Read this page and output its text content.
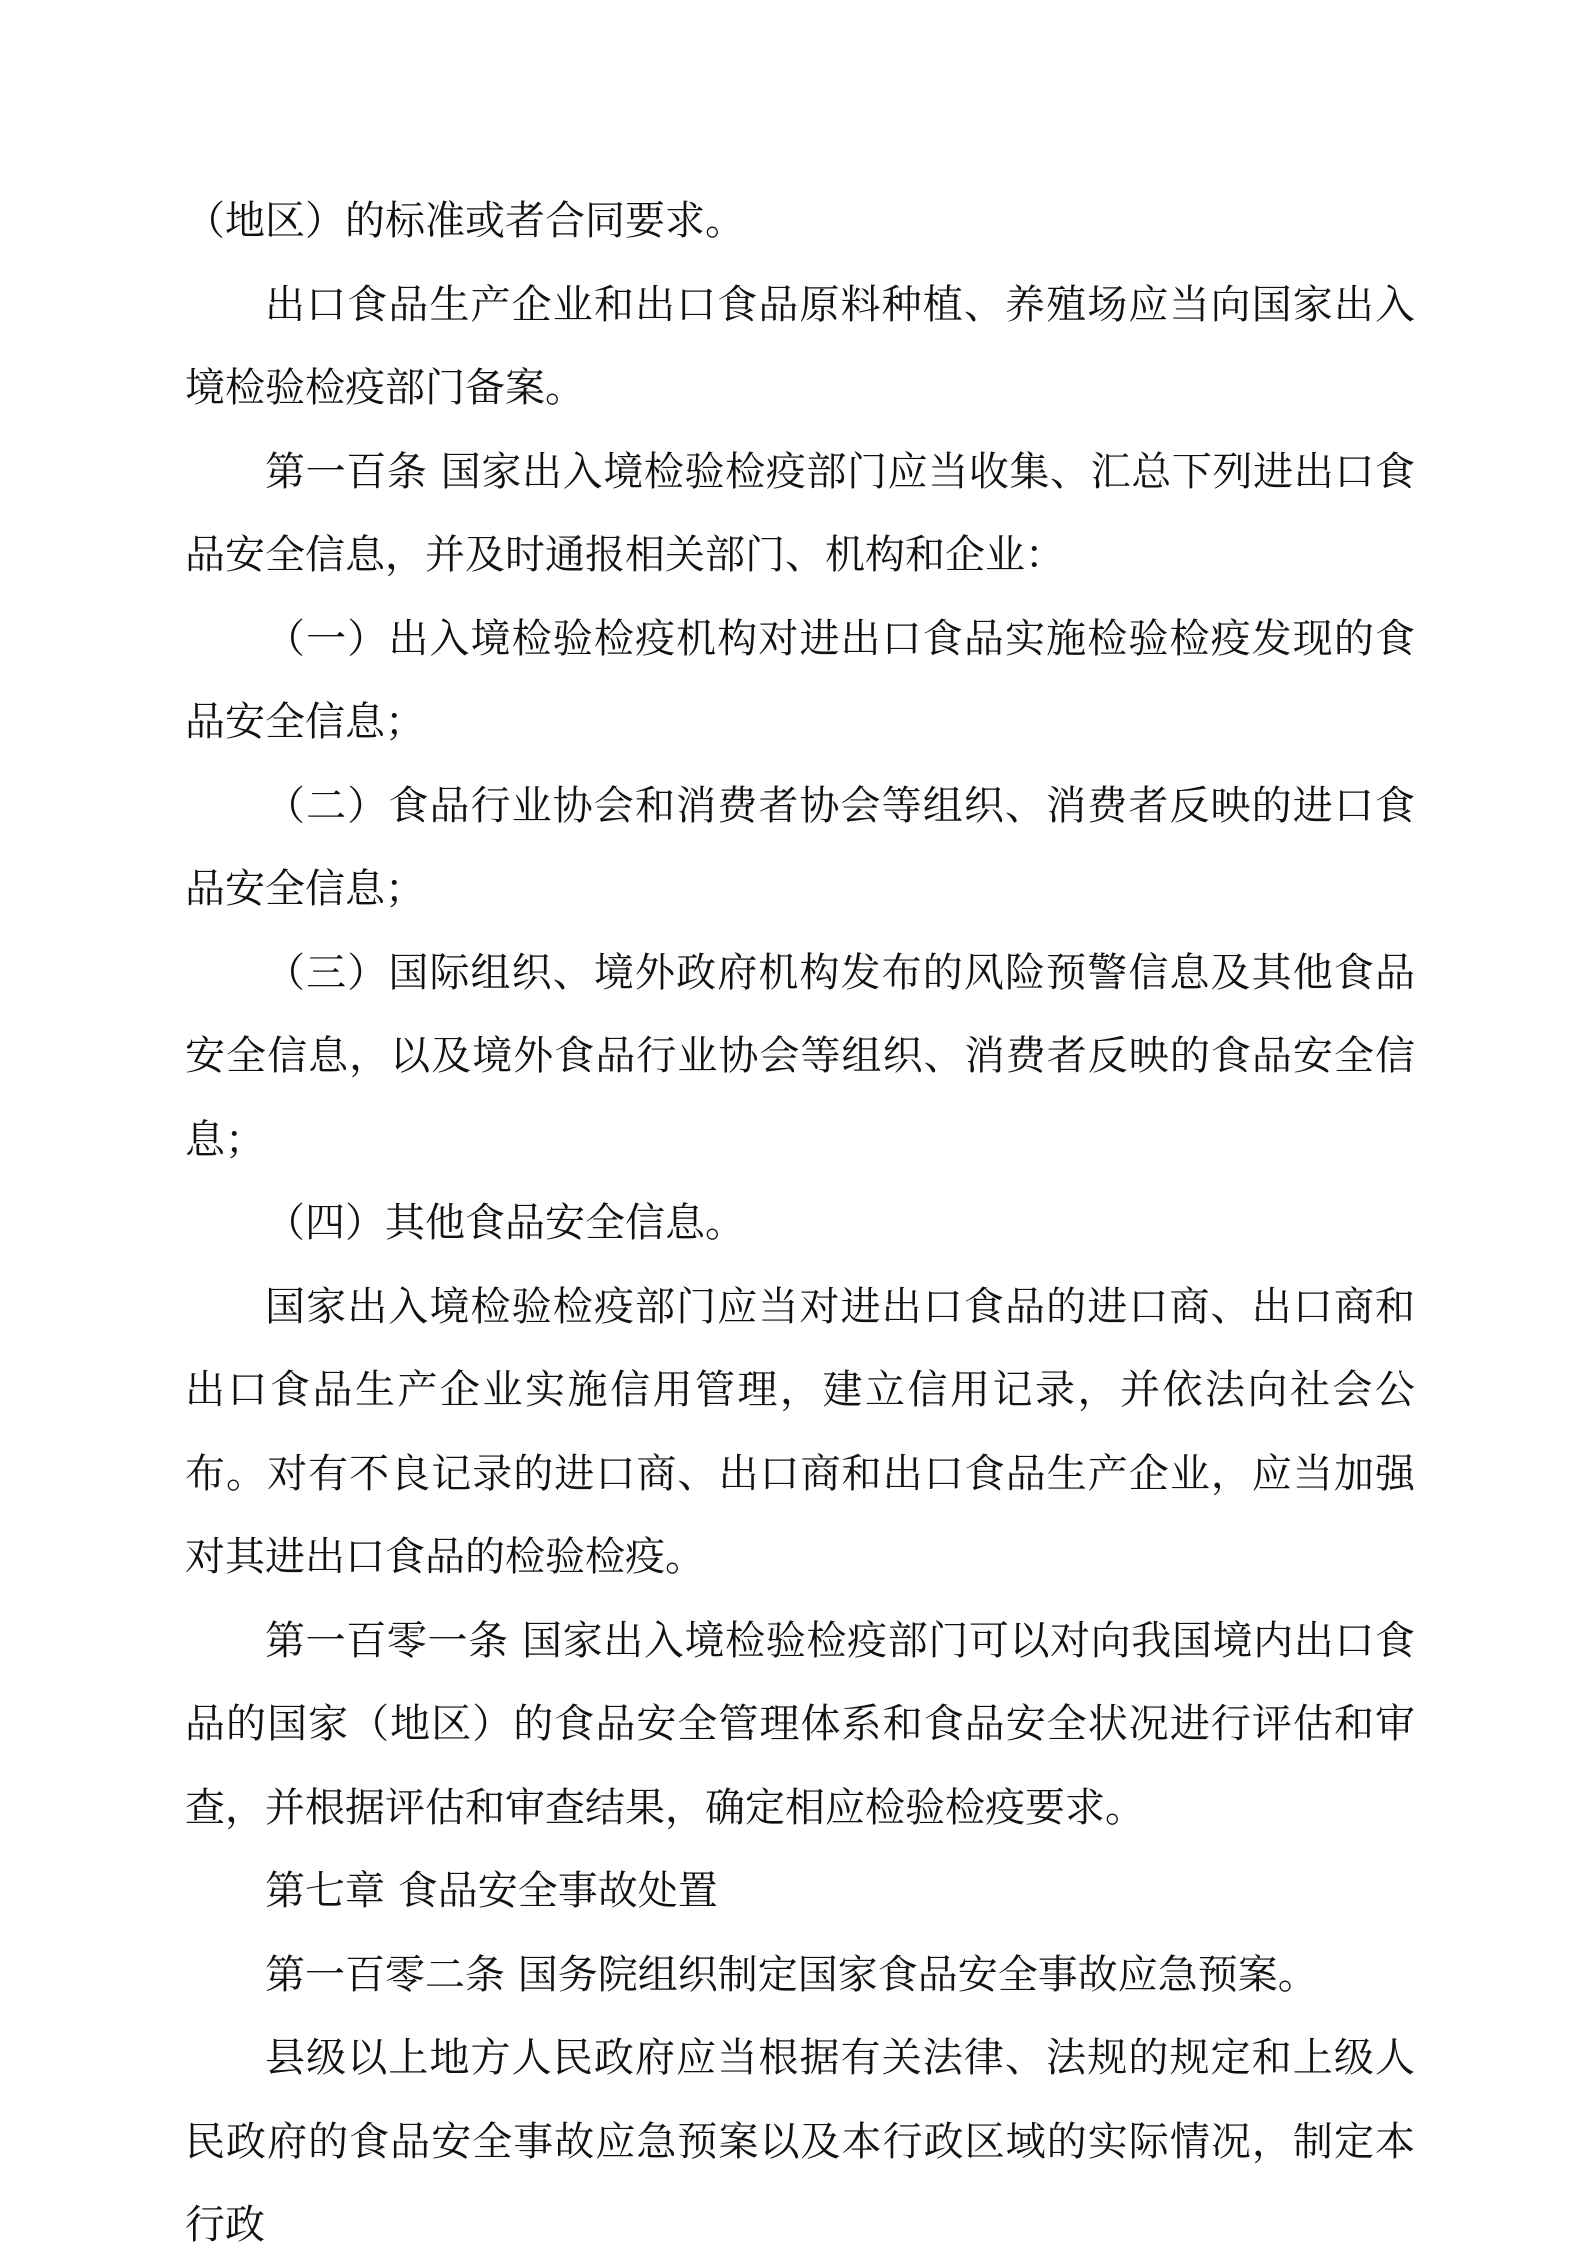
（地区）的标准或者合同要求。

出口食品生产企业和出口食品原料种植、养殖场应当向国家出入境检验检疫部门备案。

第一百条 国家出入境检验检疫部门应当收集、汇总下列进出口食品安全信息，并及时通报相关部门、机构和企业：

（一）出入境检验检疫机构对进出口食品实施检验检疫发现的食品安全信息；

（二）食品行业协会和消费者协会等组织、消费者反映的进口食品安全信息；

（三）国际组织、境外政府机构发布的风险预警信息及其他食品安全信息，以及境外食品行业协会等组织、消费者反映的食品安全信息；

（四）其他食品安全信息。

国家出入境检验检疫部门应当对进出口食品的进口商、出口商和出口食品生产企业实施信用管理，建立信用记录，并依法向社会公布。对有不良记录的进口商、出口商和出口食品生产企业，应当加强对其进出口食品的检验检疫。

第一百零一条 国家出入境检验检疫部门可以对向我国境内出口食品的国家（地区）的食品安全管理体系和食品安全状况进行评估和审查，并根据评估和审查结果，确定相应检验检疫要求。

第七章 食品安全事故处置

第一百零二条 国务院组织制定国家食品安全事故应急预案。

县级以上地方人民政府应当根据有关法律、法规的规定和上级人民政府的食品安全事故应急预案以及本行政区域的实际情况，制定本行政
